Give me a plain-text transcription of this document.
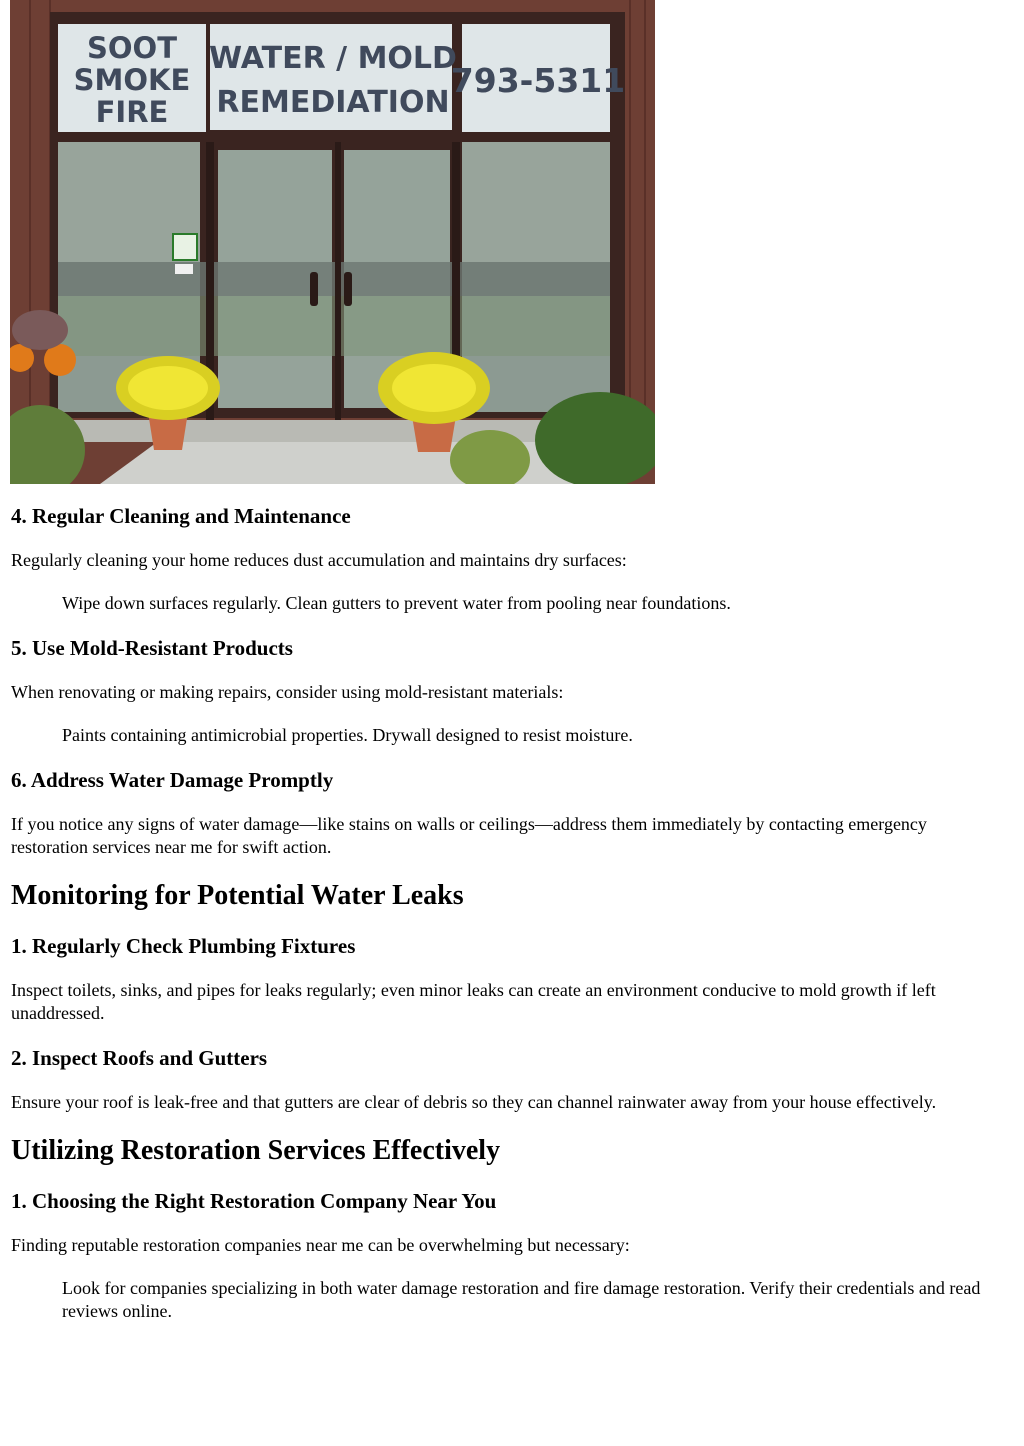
SOOT
SMOKE
FIRE
WATER / MOLD
REMEDIATION
793-5311
4. Regular Cleaning and Maintenance

Regularly cleaning your home reduces dust accumulation and maintains dry surfaces:

Wipe down surfaces regularly. Clean gutters to prevent water from pooling near foundations.
5. Use Mold-Resistant Products

When renovating or making repairs, consider using mold-resistant materials:

Paints containing antimicrobial properties. Drywall designed to resist moisture.
6. Address Water Damage Promptly

If you notice any signs of water damage—like stains on walls or ceilings—address them immediately by contacting emergency restoration services near me for swift action.

Monitoring for Potential Water Leaks
1. Regularly Check Plumbing Fixtures

Inspect toilets, sinks, and pipes for leaks regularly; even minor leaks can create an environment conducive to mold growth if left unaddressed.

2. Inspect Roofs and Gutters

Ensure your roof is leak-free and that gutters are clear of debris so they can channel rainwater away from your house effectively.

Utilizing Restoration Services Effectively
1. Choosing the Right Restoration Company Near You

Finding reputable restoration companies near me can be overwhelming but necessary:

Look for companies specializing in both water damage restoration and fire damage restoration. Verify their credentials and read reviews online.
